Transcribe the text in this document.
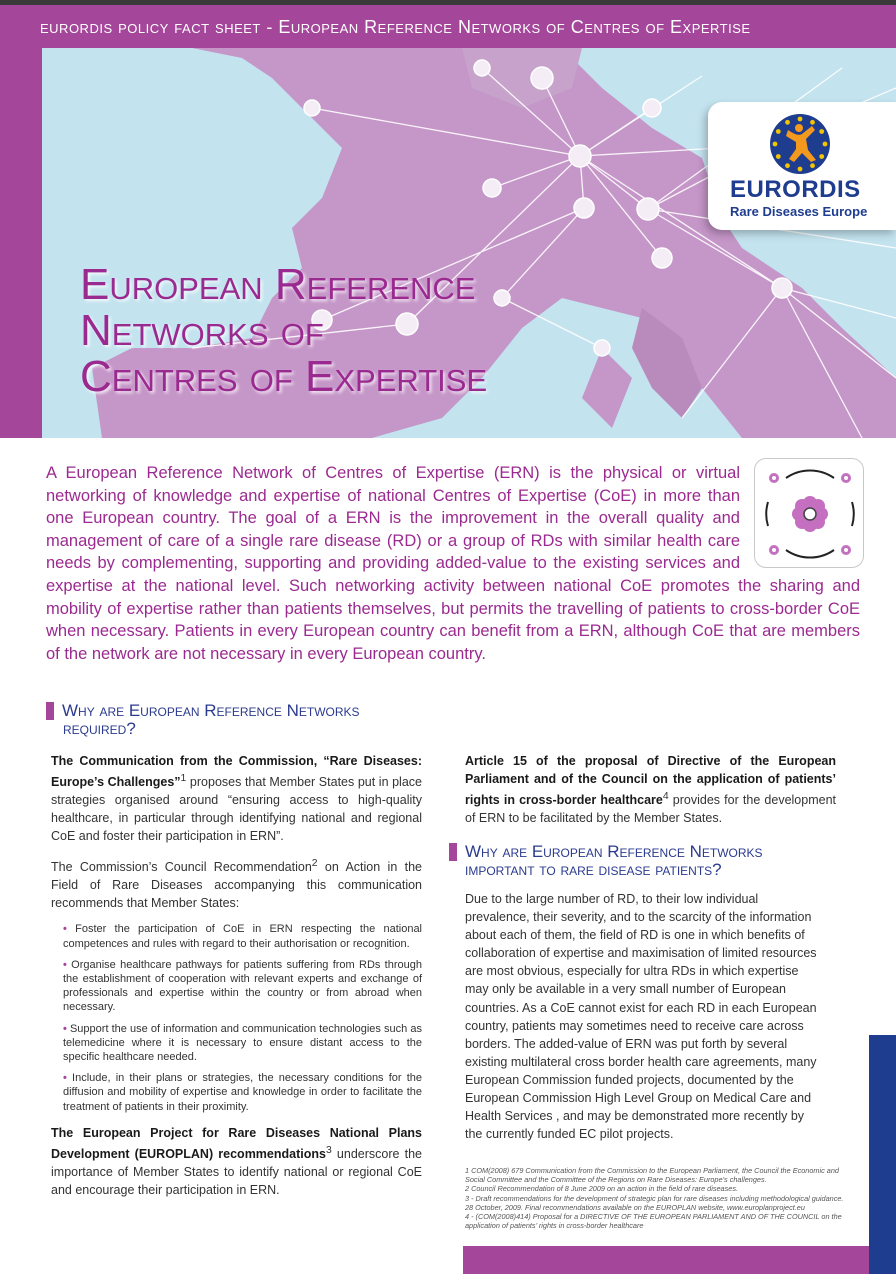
eurordis policy fact sheet - European Reference Networks of Centres of Expertise
EURORDIS
Rare Diseases Europe
European Reference
Networks of
Centres of Expertise
A European Reference Network of Centres of Expertise (ERN) is the physical or virtual networking of knowledge and expertise of national Centres of Expertise (CoE) in more than one European country. The goal of a ERN is the improvement in the overall quality and management of care of a single rare disease (RD) or a group of RDs with similar health care needs by complementing, supporting and providing added-value to the existing services and expertise at the national level. Such networking activity between national CoE promotes the sharing and mobility of expertise rather than patients themselves, but permits the travelling of patients to cross-border CoE when necessary. Patients in every European country can benefit from a ERN, although CoE that are members of the network are not necessary in every European country.
Why are European Reference Networks
required?

The Communication from the Commission, “Rare Diseases: Europe’s Challenges”$^1$ proposes that Member States put in place strategies organised around “ensuring access to high-quality healthcare, in particular through identifying national and regional CoE and foster their participation in ERN”.

The Commission’s Council Recommendation$^2$ on Action in the Field of Rare Diseases accompanying this communication recommends that Member States:

• Foster the participation of CoE in ERN respecting the national competences and rules with regard to their authorisation or recognition.
• Organise healthcare pathways for patients suffering from RDs through the establishment of cooperation with relevant experts and exchange of professionals and expertise within the country or from abroad when necessary.
• Support the use of information and communication technologies such as telemedicine where it is necessary to ensure distant access to the specific healthcare needed.
• Include, in their plans or strategies, the necessary conditions for the diffusion and mobility of expertise and knowledge in order to facilitate the treatment of patients in their proximity.

The European Project for Rare Diseases National Plans Development (EUROPLAN) recommendations$^3$ underscore the importance of Member States to identify national or regional CoE and encourage their participation in ERN.

Article 15 of the proposal of Directive of the European Parliament and of the Council on the application of patients’ rights in cross-border healthcare$^4$ provides for the development of ERN to be facilitated by the Member States.
Why are European Reference Networks
important to rare disease patients?
Due to the large number of RD, to their low individual prevalence, their severity, and to the scarcity of the information about each of them, the field of RD is one in which benefits of collaboration of expertise and maximisation of limited resources are most obvious, especially for ultra RDs in which expertise may only be available in a very small number of European countries. As a CoE cannot exist for each RD in each European country, patients may sometimes need to receive care across borders. The added-value of ERN was put forth by several existing multilateral cross border health care agreements, many European Commission funded projects, documented by the European Commission High Level Group on Medical Care and Health Services , and may be demonstrated more recently by the currently funded EC pilot projects.
1 COM(2008) 679 Communication from the Commission to the European Parliament, the Council the Economic and Social Committee and the Committee of the Regions on Rare Diseases: Europe’s challenges.
2 Council Recommendation of 8 June 2009 on an action in the field of rare diseases.
3 - Draft recommendations for the development of strategic plan for rare diseases including methodological guidance. 28 October, 2009. Final recommendations available on the EUROPLAN website, www.europlanproject.eu
4 - (COM(2008)414) Proposal for a DIRECTIVE OF THE EUROPEAN PARLIAMENT AND OF THE COUNCIL on the application of patients’ rights in cross-border healthcare
